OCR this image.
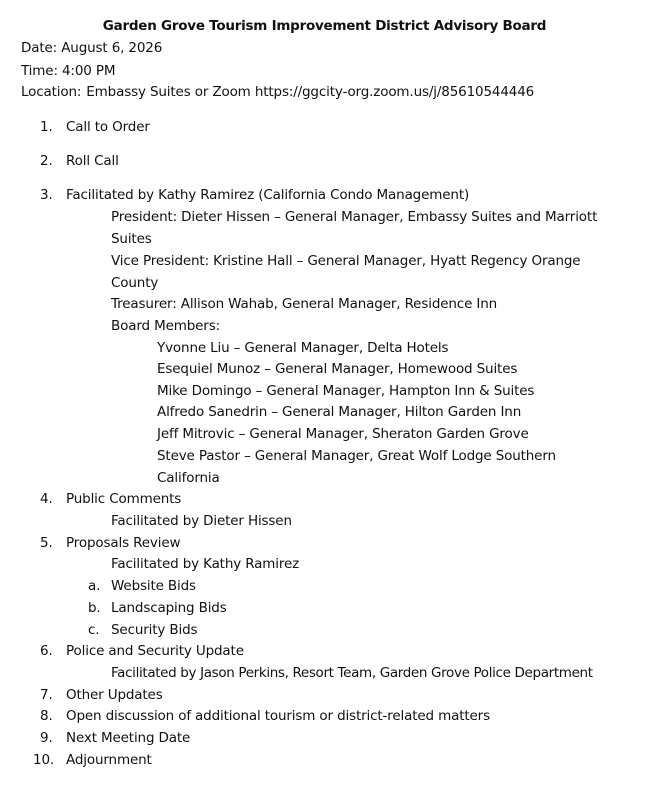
Garden Grove Tourism Improvement District Advisory Board
Date: August 6, 2026
Time: 4:00 PM
Location: Embassy Suites or Zoom https://ggcity-org.zoom.us/j/85610544446
1. Call to Order
2. Roll Call
3. Facilitated by Kathy Ramirez (California Condo Management)
President: Dieter Hissen – General Manager, Embassy Suites and Marriott
Suites
Vice President: Kristine Hall – General Manager, Hyatt Regency Orange
County
Treasurer: Allison Wahab, General Manager, Residence Inn
Board Members:
Yvonne Liu – General Manager, Delta Hotels
Esequiel Munoz – General Manager, Homewood Suites
Mike Domingo – General Manager, Hampton Inn & Suites
Alfredo Sanedrin – General Manager, Hilton Garden Inn
Jeff Mitrovic – General Manager, Sheraton Garden Grove
Steve Pastor – General Manager, Great Wolf Lodge Southern
California
4. Public Comments
Facilitated by Dieter Hissen
5. Proposals Review
Facilitated by Kathy Ramirez
a. Website Bids
b. Landscaping Bids
c. Security Bids
6. Police and Security Update
Facilitated by Jason Perkins, Resort Team, Garden Grove Police Department
7. Other Updates
8. Open discussion of additional tourism or district-related matters
9. Next Meeting Date
10. Adjournment
